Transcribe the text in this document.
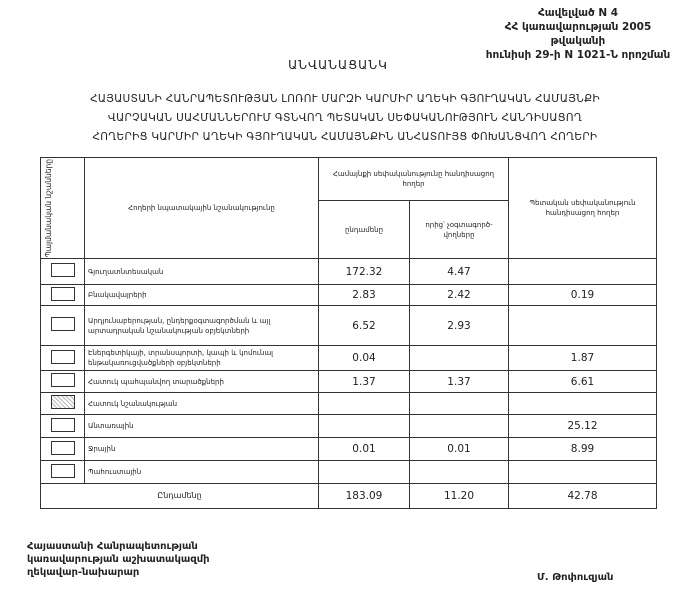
Հավելված N 4
ՀՀ կառավարության 2005 թվականի
հունիսի 29-ի N 1021-Ն որոշման
ԱՆՎԱՆԱՑԱՆԿ
ՀԱՅԱՍՏԱՆԻ ՀԱՆՐԱՊԵՏՈՒԹՅԱՆ ԼՈՌՈՒ ՄԱՐԶԻ ԿԱՐՄԻՐ ԱՂԵԿԻ ԳՅՈՒՂԱԿԱՆ ՀԱՄԱՅՆՔԻ
ՎԱՐՉԱԿԱՆ ՍԱՀՄԱՆՆԵՐՈՒՄ ԳՏՆՎՈՂ ՊԵՏԱԿԱՆ ՍԵՓԱԿԱՆՈՒԹՅՈՒՆ ՀԱՆԴԻՍԱՑՈՂ
ՀՈՂԵՐԻՑ ԿԱՐՄԻՐ ԱՂԵԿԻ ԳՅՈՒՂԱԿԱՆ ՀԱՄԱՅՆՔԻՆ ԱՆՀԱՏՈՒՅՑ ՓՈԽԱՆՑՎՈՂ ՀՈՂԵՐԻ
Պայմանական նշանները	Հողերի նպատակային նշանակությունը	Համայնքի սեփականությունը հանդիսացող հողեր		Պետական սեփականություն հանդիսացող հողեր
		ընդամենը	որից՝ չօգտագործ-վողները	
	Գյուղատնտեսական	172.32	4.47	
	Բնակավայրերի	2.83	2.42	0.19
	Արդյունաբերության, ընդերքօգտագործման և այլ արտադրական նշանակության օբյեկտների	6.52	2.93	
	Էներգետիկայի, տրանսպորտի, կապի և կոմունալ ենթակառուցվածքների օբյեկտների	0.04		1.87
	Հատուկ պահպանվող տարածքների	1.37	1.37	6.61
	Հատուկ նշանակության			
	Անտառային			25.12
	Ջրային	0.01	0.01	8.99
	Պահուստային			
Ընդամենը		183.09	11.20	42.78
Հայաստանի Հանրապետության
կառավարության աշխատակազմի
ղեկավար-նախարար	Մ. Թոփուզյան
